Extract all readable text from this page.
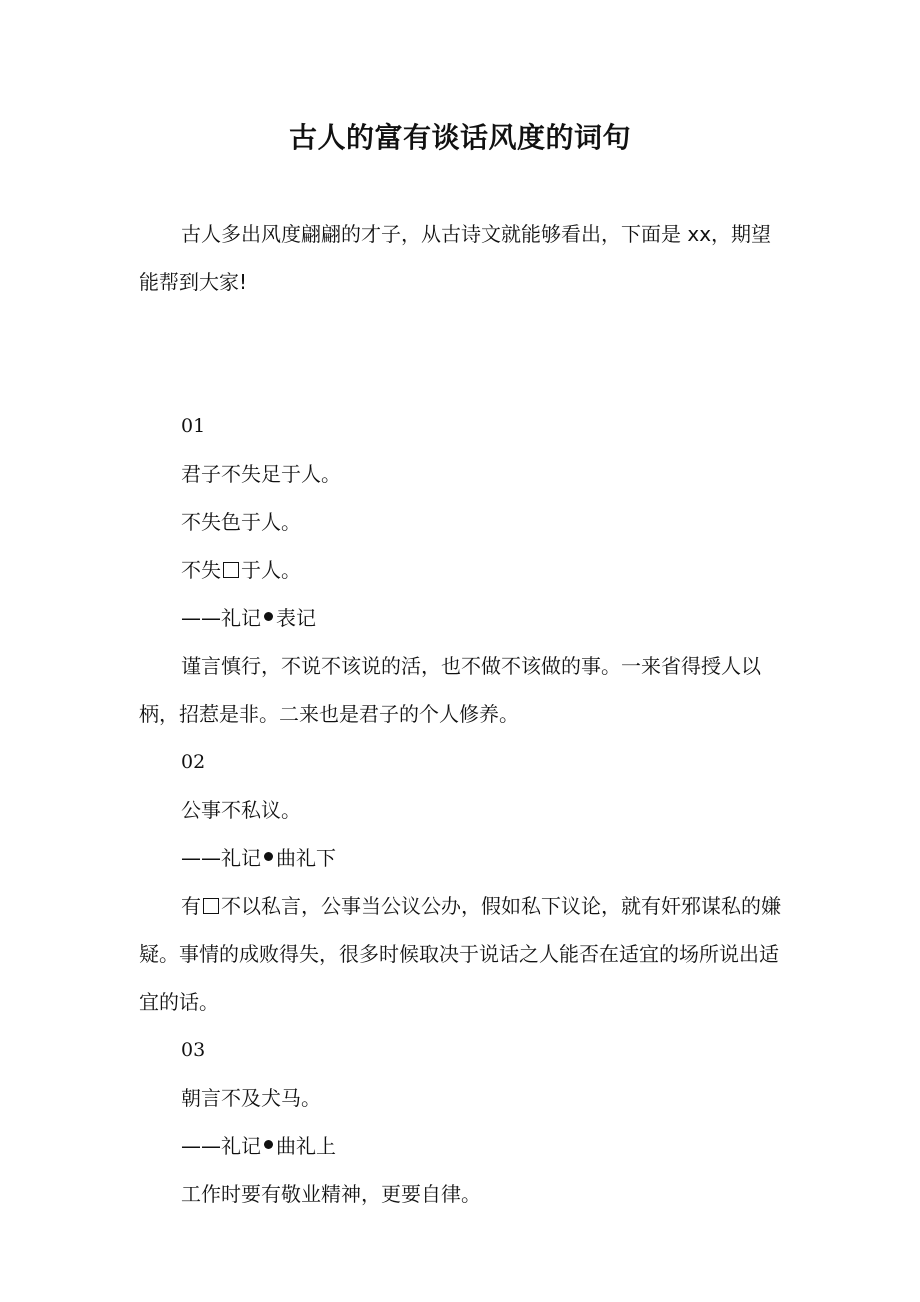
古人的富有谈话风度的词句

古人多出风度翩翩的才子，从古诗文就能够看出，下面是 xx，期望能帮到大家!

01

君子不失足于人。

不失色于人。

不失 于人。

——礼记 表记

谨言慎行，不说不该说的活，也不做不该做的事。一来省得授人以柄，招惹是非。二来也是君子的个人修养。

02

公事不私议。

——礼记 曲礼下

有 不以私言，公事当公议公办，假如私下议论，就有奸邪谋私的嫌疑。事情的成败得失，很多时候取决于说话之人能否在适宜的场所说出适宜的话。

03

朝言不及犬马。

——礼记 曲礼上

工作时要有敬业精神，更要自律。
